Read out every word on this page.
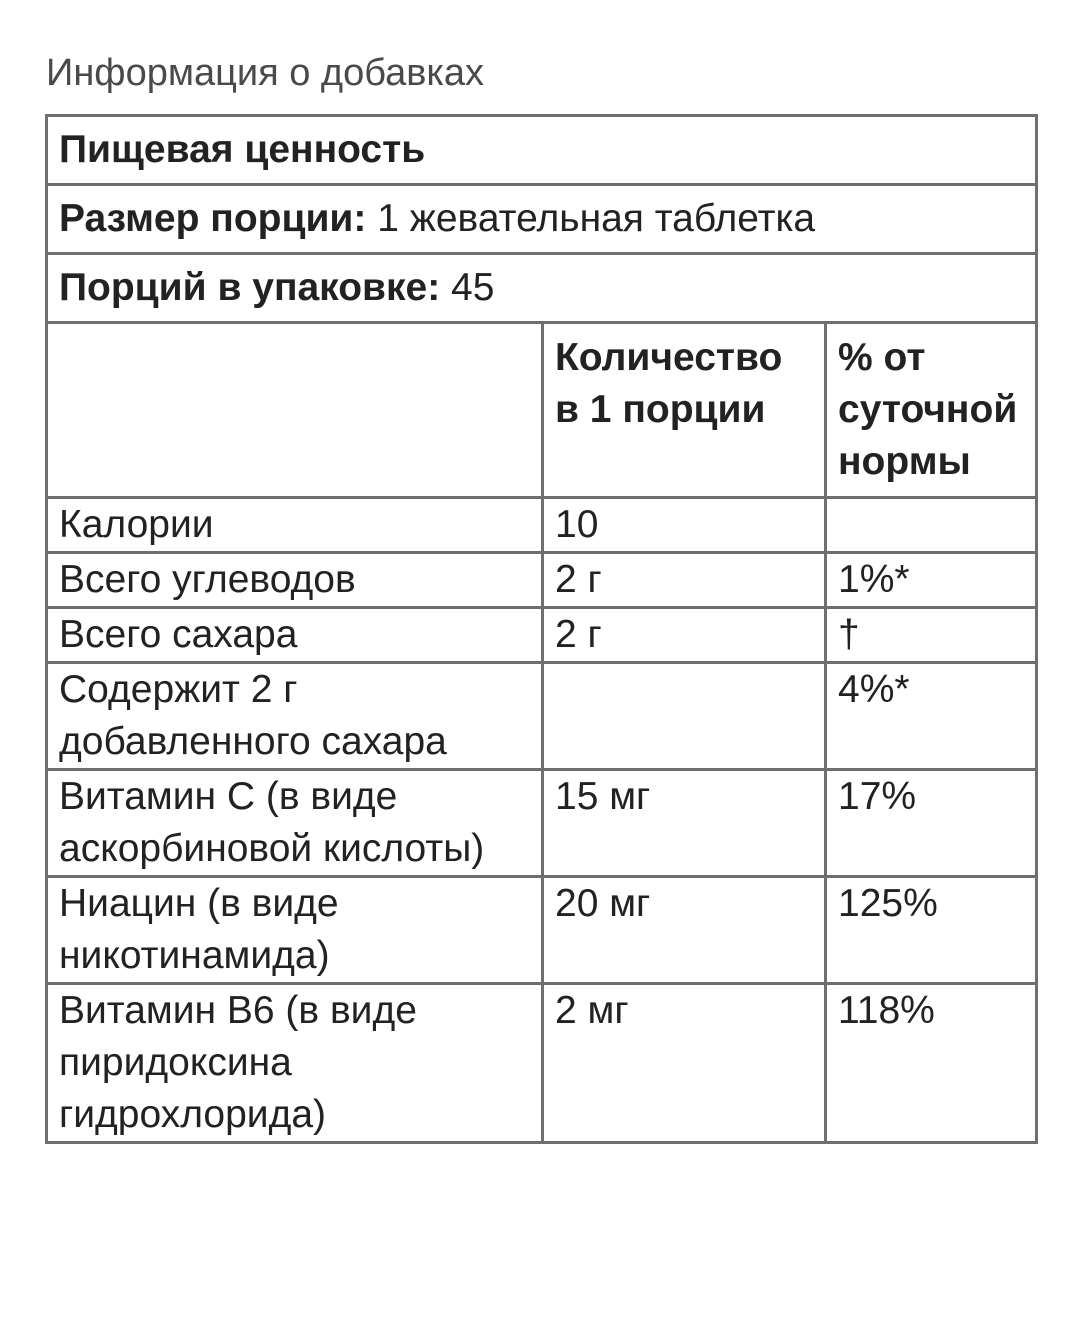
Информация о добавках
Пищевая ценность		
Размер порции: 1 жевательная таблетка		
Порций в упаковке: 45		
	Количество в 1 порции	% от суточной нормы
Калории	10	
Всего углеводов	2 г	1%*
Всего сахара	2 г	†
Содержит 2 г добавленного сахара		4%*
Витамин C (в виде аскорбиновой кислоты)	15 мг	17%
Ниацин (в виде никотинамида)	20 мг	125%
Витамин B6 (в виде пиридоксина гидрохлорида)	2 мг	118%
